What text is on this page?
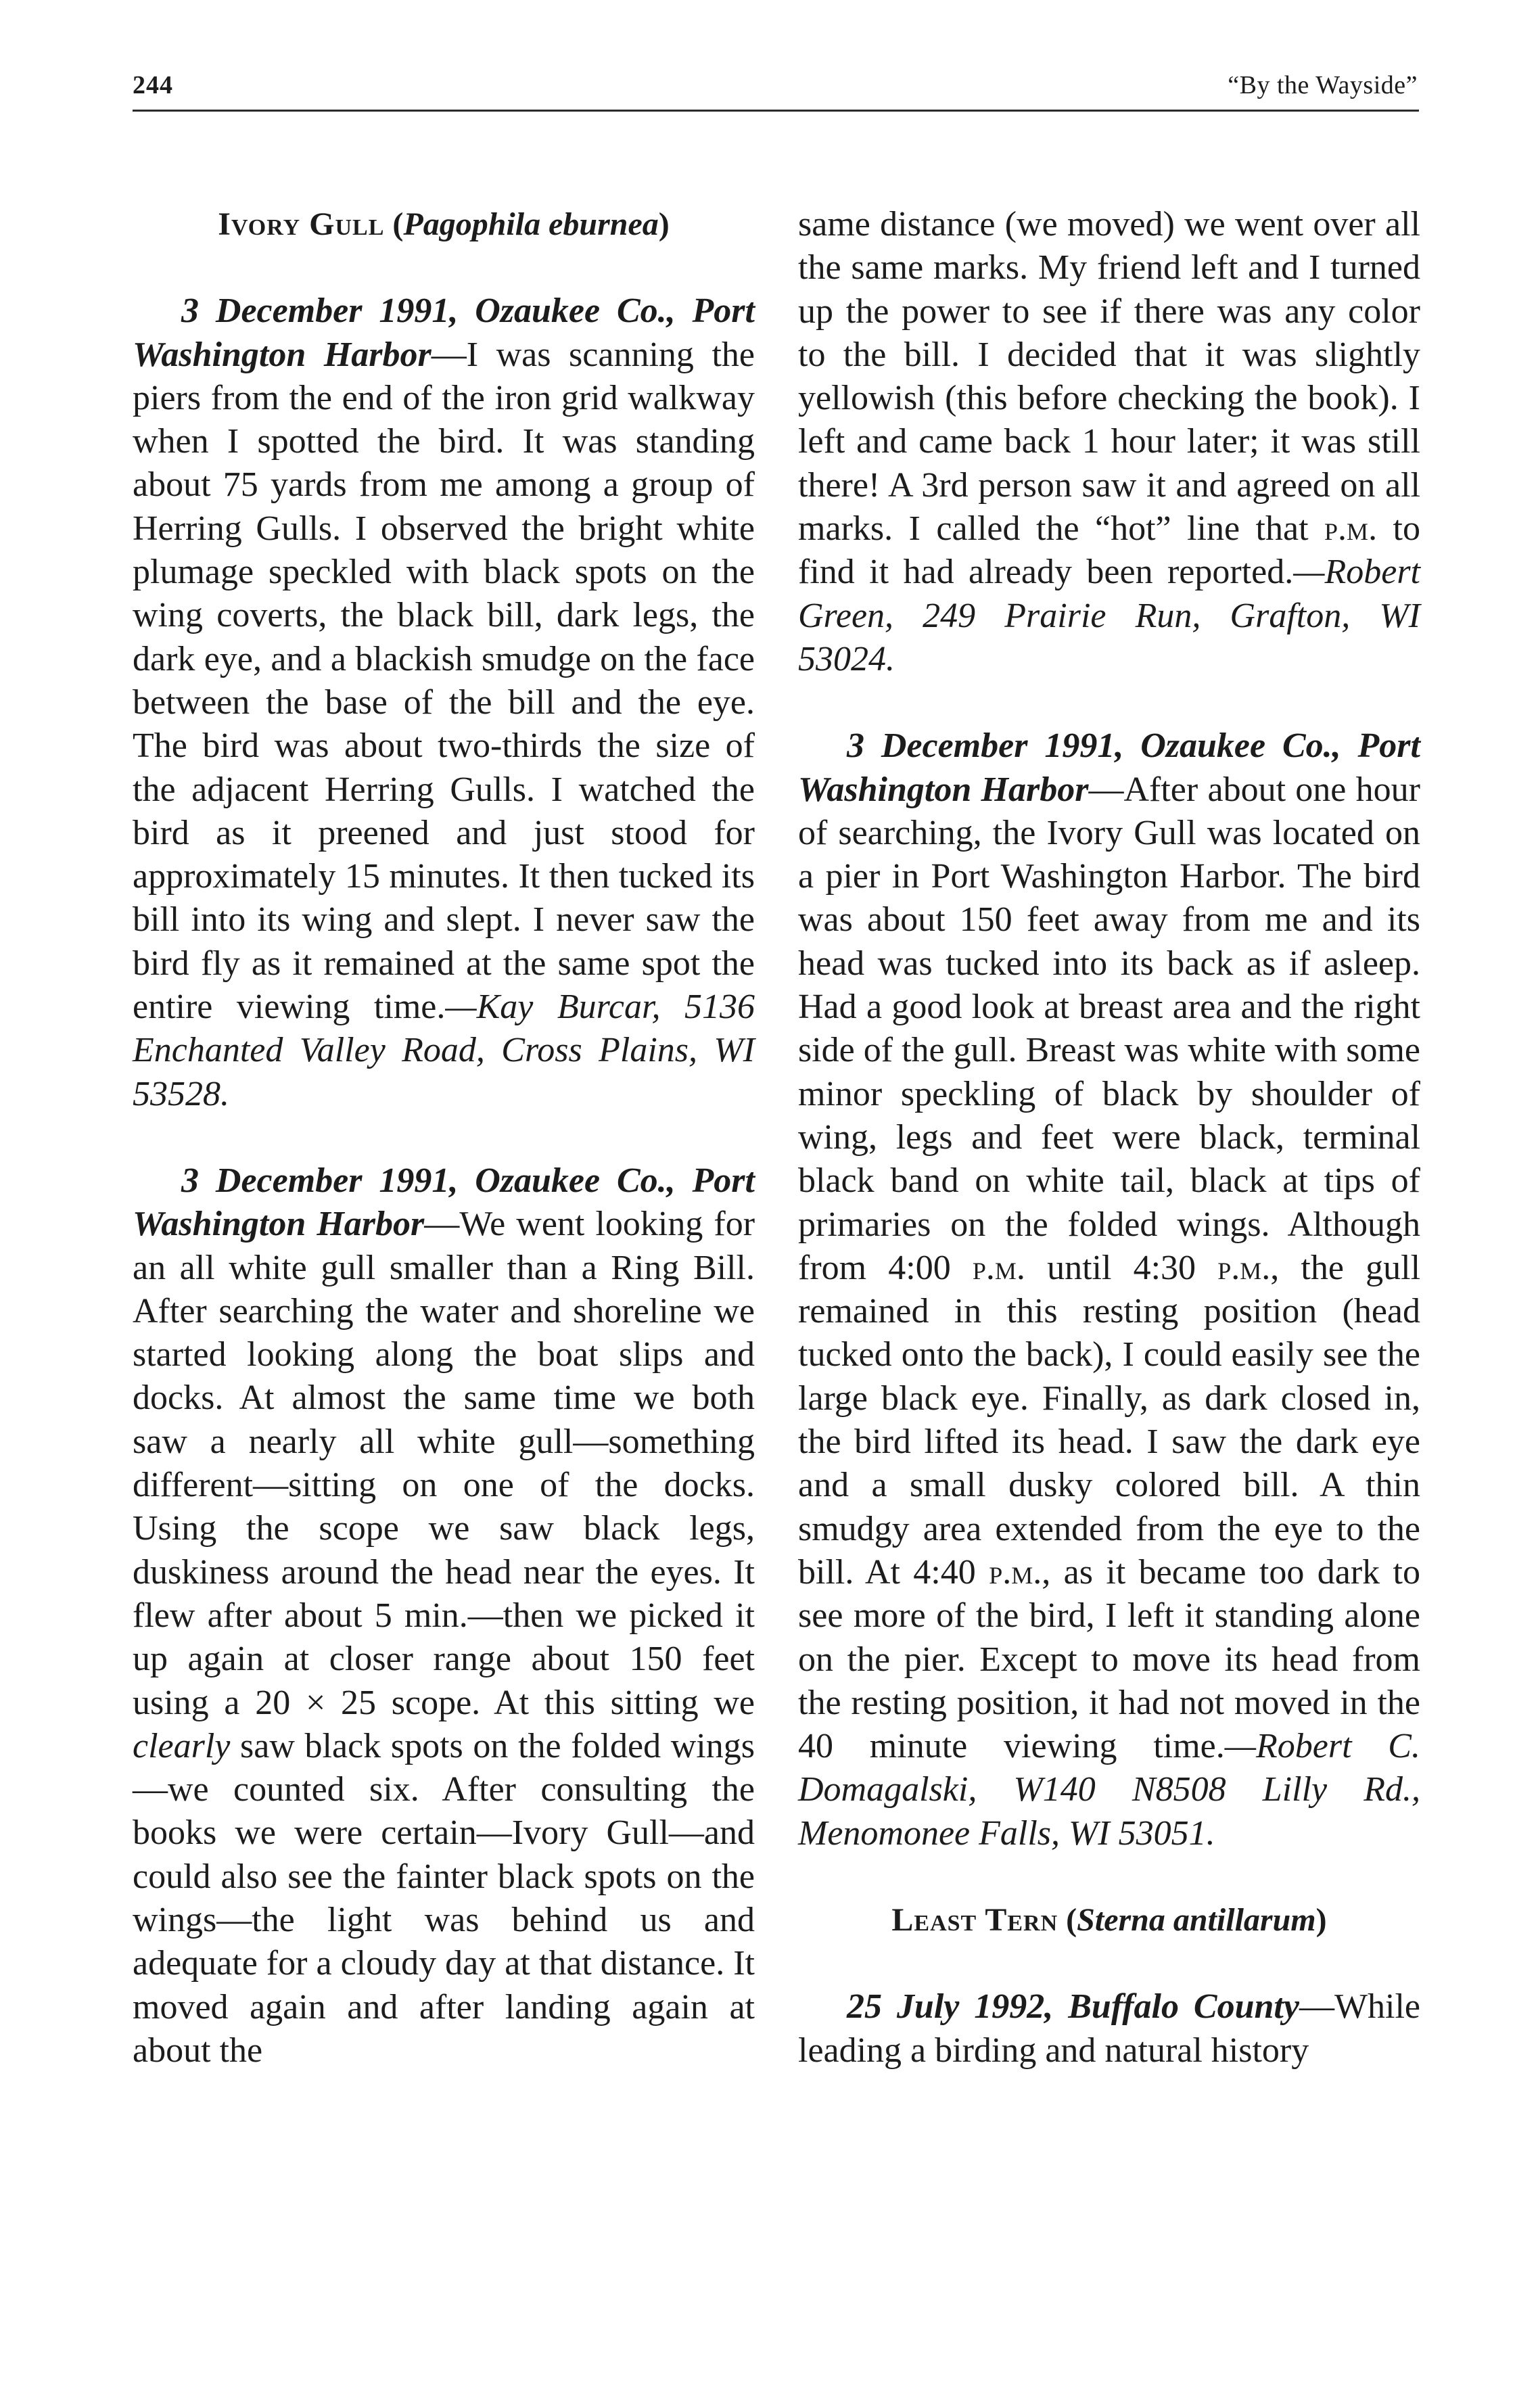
244	“By the Wayside”

Ivory Gull (Pagophila eburnea)

3 December 1991, Ozaukee Co., Port Washington Harbor—I was scanning the piers from the end of the iron grid walkway when I spotted the bird. It was standing about 75 yards from me among a group of Herring Gulls. I observed the bright white plumage speckled with black spots on the wing coverts, the black bill, dark legs, the dark eye, and a blackish smudge on the face between the base of the bill and the eye. The bird was about two-thirds the size of the adjacent Herring Gulls. I watched the bird as it preened and just stood for approximately 15 minutes. It then tucked its bill into its wing and slept. I never saw the bird fly as it remained at the same spot the entire viewing time.—Kay Burcar, 5136 Enchanted Valley Road, Cross Plains, WI 53528.

3 December 1991, Ozaukee Co., Port Washington Harbor—We went looking for an all white gull smaller than a Ring Bill. After searching the water and shoreline we started looking along the boat slips and docks. At almost the same time we both saw a nearly all white gull—something different—sitting on one of the docks. Using the scope we saw black legs, duskiness around the head near the eyes. It flew after about 5 min.—then we picked it up again at closer range about 150 feet using a 20 × 25 scope. At this sitting we clearly saw black spots on the folded wings—we counted six. After consulting the books we were certain—Ivory Gull—and could also see the fainter black spots on the wings—the light was behind us and adequate for a cloudy day at that distance. It moved again and after landing again at about the

same distance (we moved) we went over all the same marks. My friend left and I turned up the power to see if there was any color to the bill. I decided that it was slightly yellowish (this before checking the book). I left and came back 1 hour later; it was still there! A 3rd person saw it and agreed on all marks. I called the “hot” line that p.m. to find it had already been reported.—Robert Green, 249 Prairie Run, Grafton, WI 53024.

3 December 1991, Ozaukee Co., Port Washington Harbor—After about one hour of searching, the Ivory Gull was located on a pier in Port Washington Harbor. The bird was about 150 feet away from me and its head was tucked into its back as if asleep. Had a good look at breast area and the right side of the gull. Breast was white with some minor speckling of black by shoulder of wing, legs and feet were black, terminal black band on white tail, black at tips of primaries on the folded wings. Although from 4:00 p.m. until 4:30 p.m., the gull remained in this resting position (head tucked onto the back), I could easily see the large black eye. Finally, as dark closed in, the bird lifted its head. I saw the dark eye and a small dusky colored bill. A thin smudgy area extended from the eye to the bill. At 4:40 p.m., as it became too dark to see more of the bird, I left it standing alone on the pier. Except to move its head from the resting position, it had not moved in the 40 minute viewing time.—Robert C. Domagalski, W140 N8508 Lilly Rd., Menomonee Falls, WI 53051.

Least Tern (Sterna antillarum)

25 July 1992, Buffalo County—While leading a birding and natural history
